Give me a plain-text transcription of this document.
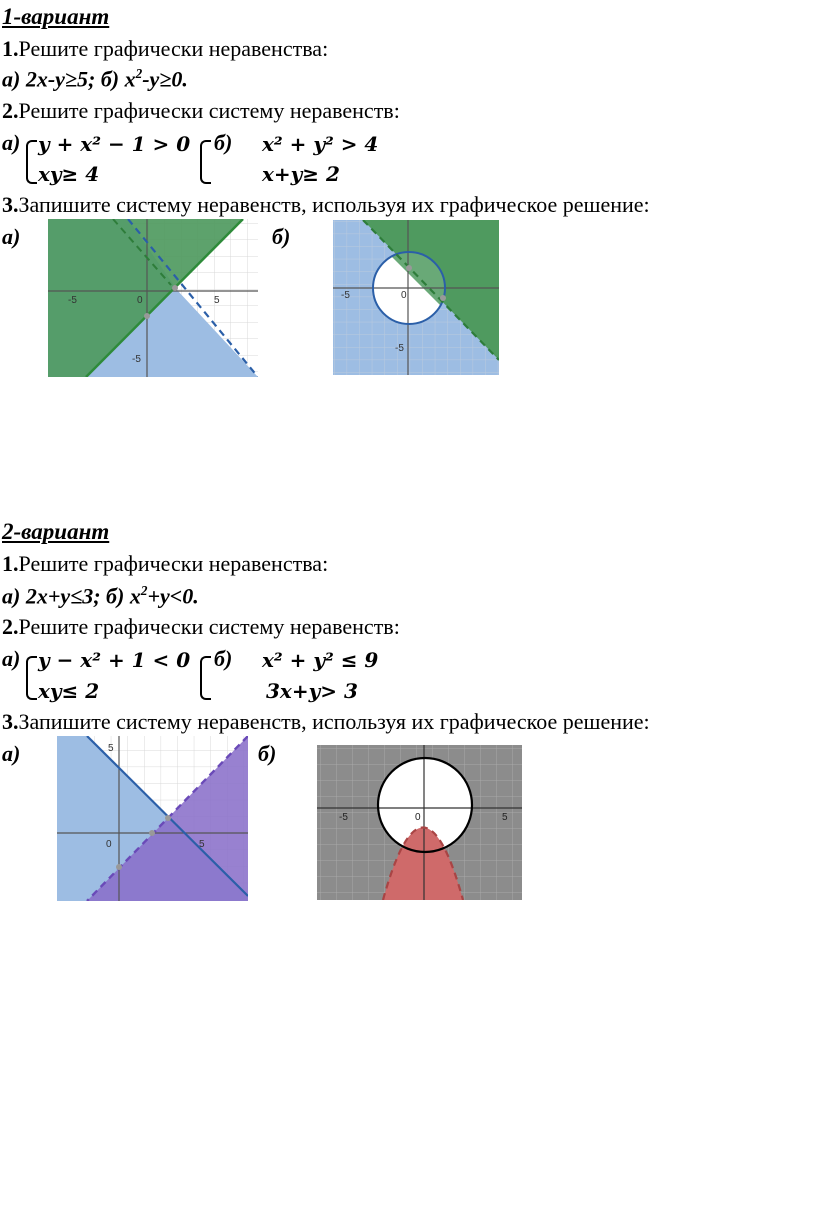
1-вариант
1.Решите графически неравенства:
а) 2x-y≥5; б) $x^2-y\ge 0$.
2.Решите графически систему неравенств:
а) y + x² − 1 > 0
xy≥ 4
б) x² + y² > 4
x+y≥ 2
3.Запишите систему неравенств, используя их графическое решение:
а)	б)
-5	0	5
-5
-5	0
-5
2-вариант
1.Решите графически неравенства:
а) 2x+y≤3; б) $x^2+y<0$.
2.Решите графически систему неравенств:
а) y − x² + 1 < 0
xy≤ 2
б) x² + y² ≤ 9
3x+y> 3
3.Запишите систему неравенств, используя их графическое решение:
а)	б)
5
0	5
-5	0	5
